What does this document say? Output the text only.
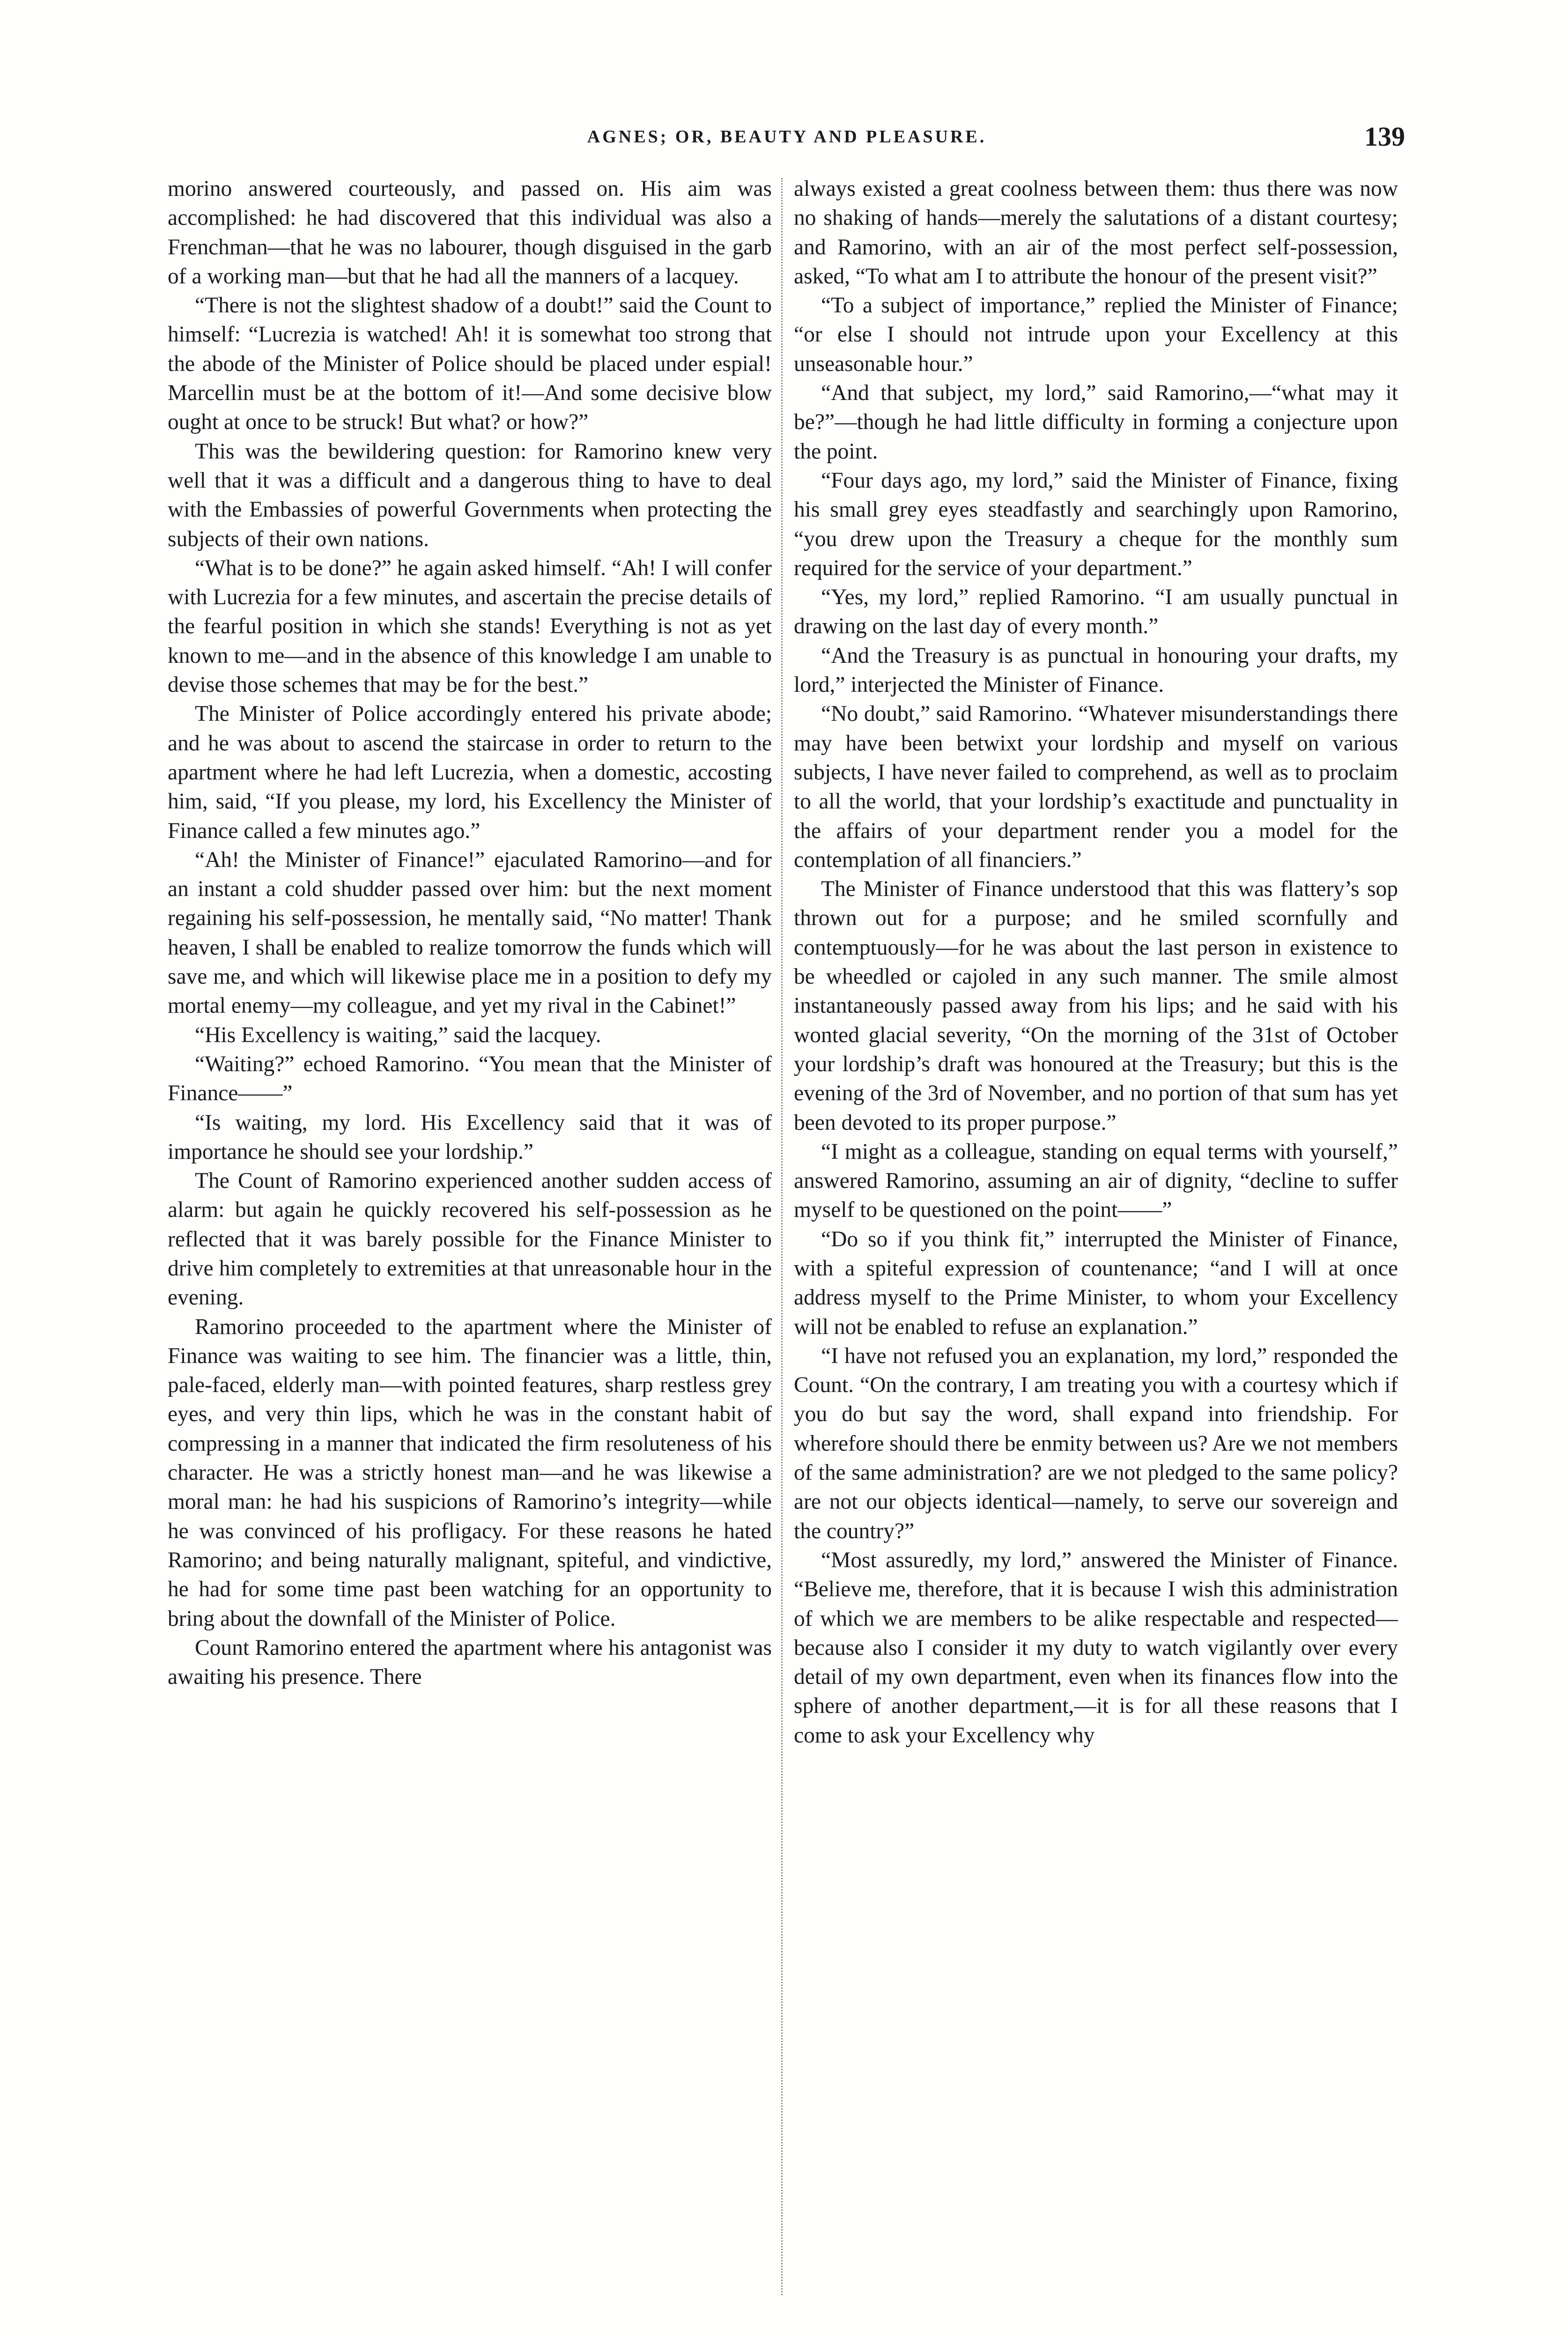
AGNES; OR, BEAUTY AND PLEASURE.	139

morino answered courteously, and passed on. His aim was accomplished: he had discovered that this individual was also a Frenchman—that he was no labourer, though disguised in the garb of a working man—but that he had all the manners of a lacquey.

“There is not the slightest shadow of a doubt!” said the Count to himself: “Lucrezia is watched! Ah! it is somewhat too strong that the abode of the Minister of Police should be placed under espial! Marcellin must be at the bottom of it!—And some decisive blow ought at once to be struck! But what? or how?”

This was the bewildering question: for Ramorino knew very well that it was a difficult and a dangerous thing to have to deal with the Embassies of powerful Governments when protecting the subjects of their own nations.

“What is to be done?” he again asked himself. “Ah! I will confer with Lucrezia for a few minutes, and ascertain the precise details of the fearful position in which she stands! Everything is not as yet known to me—and in the absence of this knowledge I am unable to devise those schemes that may be for the best.”

The Minister of Police accordingly entered his private abode; and he was about to ascend the staircase in order to return to the apartment where he had left Lucrezia, when a domestic, accosting him, said, “If you please, my lord, his Excellency the Minister of Finance called a few minutes ago.”

“Ah! the Minister of Finance!” ejaculated Ramorino—and for an instant a cold shudder passed over him: but the next moment regaining his self-possession, he mentally said, “No matter! Thank heaven, I shall be enabled to realize tomorrow the funds which will save me, and which will likewise place me in a position to defy my mortal enemy—my colleague, and yet my rival in the Cabinet!”

“His Excellency is waiting,” said the lacquey.

“Waiting?” echoed Ramorino. “You mean that the Minister of Finance——”

“Is waiting, my lord. His Excellency said that it was of importance he should see your lordship.”

The Count of Ramorino experienced another sudden access of alarm: but again he quickly recovered his self-possession as he reflected that it was barely possible for the Finance Minister to drive him completely to extremities at that unreasonable hour in the evening.

Ramorino proceeded to the apartment where the Minister of Finance was waiting to see him. The financier was a little, thin, pale-faced, elderly man—with pointed features, sharp restless grey eyes, and very thin lips, which he was in the constant habit of compressing in a manner that indicated the firm resoluteness of his character. He was a strictly honest man—and he was likewise a moral man: he had his suspicions of Ramorino’s integrity—while he was convinced of his profligacy. For these reasons he hated Ramorino; and being naturally malignant, spiteful, and vindictive, he had for some time past been watching for an opportunity to bring about the downfall of the Minister of Police.

Count Ramorino entered the apartment where his antagonist was awaiting his presence. There

always existed a great coolness between them: thus there was now no shaking of hands—merely the salutations of a distant courtesy; and Ramorino, with an air of the most perfect self-possession, asked, “To what am I to attribute the honour of the present visit?”

“To a subject of importance,” replied the Minister of Finance; “or else I should not intrude upon your Excellency at this unseasonable hour.”

“And that subject, my lord,” said Ramorino,—“what may it be?”—though he had little difficulty in forming a conjecture upon the point.

“Four days ago, my lord,” said the Minister of Finance, fixing his small grey eyes steadfastly and searchingly upon Ramorino, “you drew upon the Treasury a cheque for the monthly sum required for the service of your department.”

“Yes, my lord,” replied Ramorino. “I am usually punctual in drawing on the last day of every month.”

“And the Treasury is as punctual in honouring your drafts, my lord,” interjected the Minister of Finance.

“No doubt,” said Ramorino. “Whatever misunderstandings there may have been betwixt your lordship and myself on various subjects, I have never failed to comprehend, as well as to proclaim to all the world, that your lordship’s exactitude and punctuality in the affairs of your department render you a model for the contemplation of all financiers.”

The Minister of Finance understood that this was flattery’s sop thrown out for a purpose; and he smiled scornfully and contemptuously—for he was about the last person in existence to be wheedled or cajoled in any such manner. The smile almost instantaneously passed away from his lips; and he said with his wonted glacial severity, “On the morning of the 31st of October your lordship’s draft was honoured at the Treasury; but this is the evening of the 3rd of November, and no portion of that sum has yet been devoted to its proper purpose.”

“I might as a colleague, standing on equal terms with yourself,” answered Ramorino, assuming an air of dignity, “decline to suffer myself to be questioned on the point——”

“Do so if you think fit,” interrupted the Minister of Finance, with a spiteful expression of countenance; “and I will at once address myself to the Prime Minister, to whom your Excellency will not be enabled to refuse an explanation.”

“I have not refused you an explanation, my lord,” responded the Count. “On the contrary, I am treating you with a courtesy which if you do but say the word, shall expand into friendship. For wherefore should there be enmity between us? Are we not members of the same administration? are we not pledged to the same policy? are not our objects identical—namely, to serve our sovereign and the country?”

“Most assuredly, my lord,” answered the Minister of Finance. “Believe me, therefore, that it is because I wish this administration of which we are members to be alike respectable and respected—because also I consider it my duty to watch vigilantly over every detail of my own department, even when its finances flow into the sphere of another department,—it is for all these reasons that I come to ask your Excellency why
